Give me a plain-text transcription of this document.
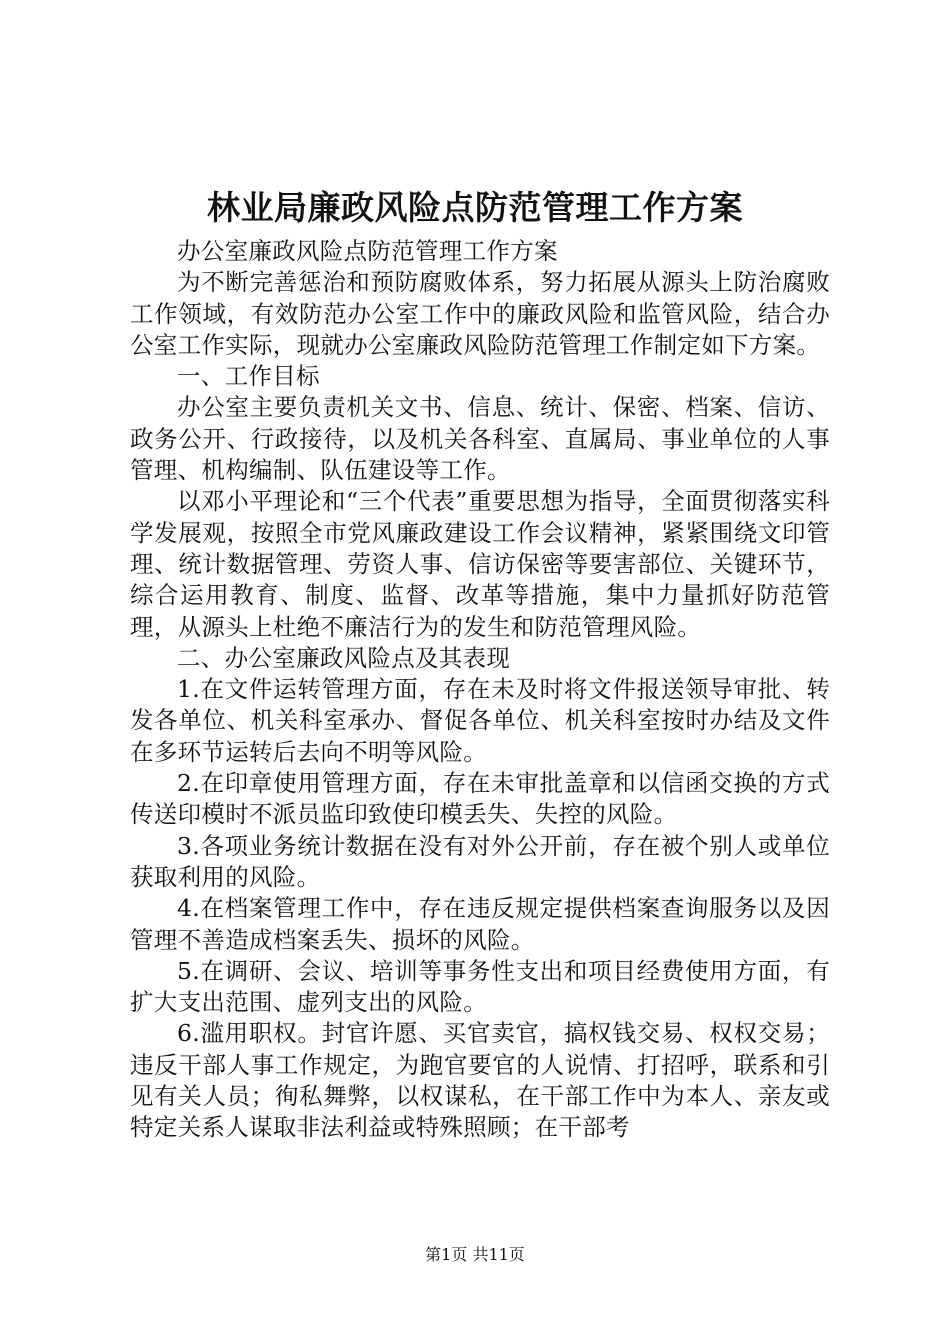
林业局廉政风险点防范管理工作方案

办公室廉政风险点防范管理工作方案

为不断完善惩治和预防腐败体系，努力拓展从源头上防治腐败工作领域，有效防范办公室工作中的廉政风险和监管风险，结合办公室工作实际，现就办公室廉政风险防范管理工作制定如下方案。

一、工作目标

办公室主要负责机关文书、信息、统计、保密、档案、信访、政务公开、行政接待，以及机关各科室、直属局、事业单位的人事管理、机构编制、队伍建设等工作。

以邓小平理论和“三个代表”重要思想为指导，全面贯彻落实科学发展观，按照全市党风廉政建设工作会议精神，紧紧围绕文印管理、统计数据管理、劳资人事、信访保密等要害部位、关键环节，综合运用教育、制度、监督、改革等措施，集中力量抓好防范管理，从源头上杜绝不廉洁行为的发生和防范管理风险。

二、办公室廉政风险点及其表现

1.在文件运转管理方面，存在未及时将文件报送领导审批、转发各单位、机关科室承办、督促各单位、机关科室按时办结及文件在多环节运转后去向不明等风险。

2.在印章使用管理方面，存在未审批盖章和以信函交换的方式传送印模时不派员监印致使印模丢失、失控的风险。

3.各项业务统计数据在没有对外公开前，存在被个别人或单位获取利用的风险。

4.在档案管理工作中，存在违反规定提供档案查询服务以及因管理不善造成档案丢失、损坏的风险。

5.在调研、会议、培训等事务性支出和项目经费使用方面，有扩大支出范围、虚列支出的风险。

6.滥用职权。封官许愿、买官卖官，搞权钱交易、权权交易；违反干部人事工作规定，为跑官要官的人说情、打招呼，联系和引见有关人员；徇私舞弊，以权谋私，在干部工作中为本人、亲友或特定关系人谋取非法利益或特殊照顾；在干部考

第1页 共11页
